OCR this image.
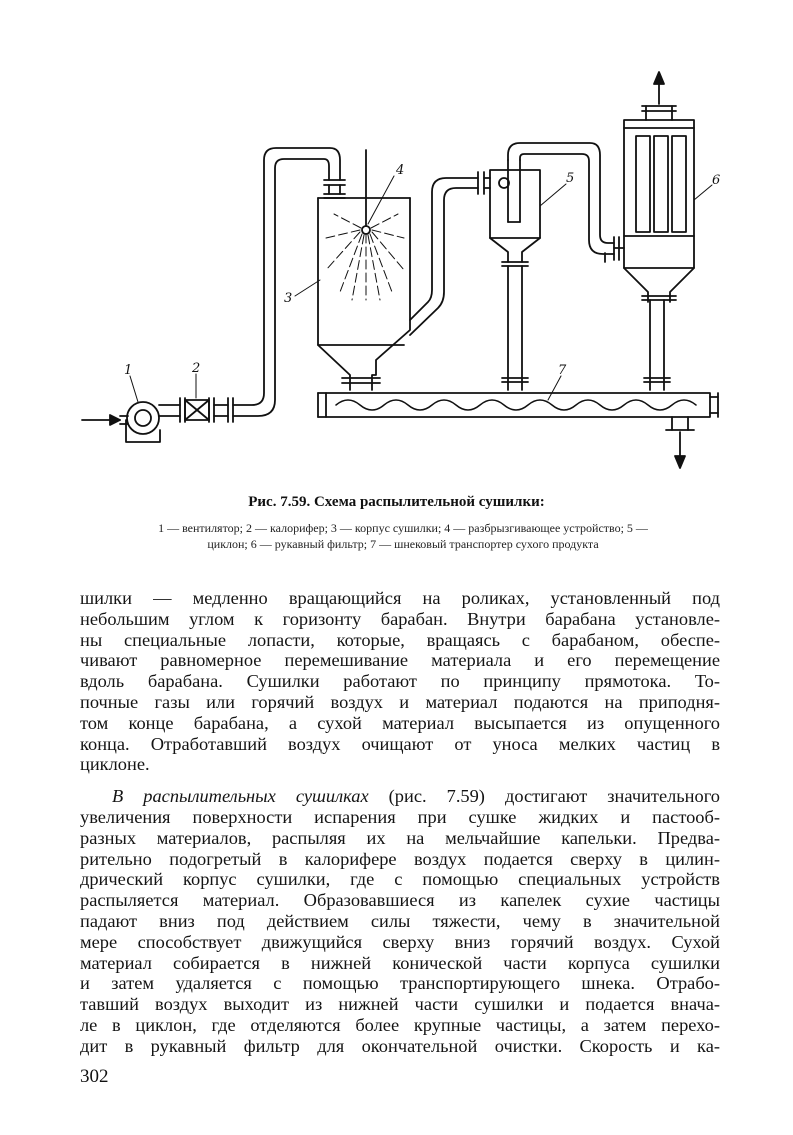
1	2
3
4
5	6
7
Рис. 7.59. Схема распылительной сушилки:
1 — вентилятор; 2 — калорифер; 3 — корпус сушилки; 4 — разбрызгивающее устройство; 5 —
циклон; 6 — рукавный фильтр; 7 — шнековый транспортер сухого продукта
шилки — медленно вращающийся на роликах, установленный под
небольшим углом к горизонту барабан. Внутри барабана установле-
ны специальные лопасти, которые, вращаясь с барабаном, обеспе-
чивают равномерное перемешивание материала и его перемещение
вдоль барабана. Сушилки работают по принципу прямотока. То-
почные газы или горячий воздух и материал подаются на приподня-
том конце барабана, а сухой материал высыпается из опущенного
конца. Отработавший воздух очищают от уноса мелких частиц в
циклоне.
В распылительных сушилках (рис. 7.59) достигают значительного
увеличения поверхности испарения при сушке жидких и пастооб-
разных материалов, распыляя их на мельчайшие капельки. Предва-
рительно подогретый в калорифере воздух подается сверху в цилин-
дрический корпус сушилки, где с помощью специальных устройств
распыляется материал. Образовавшиеся из капелек сухие частицы
падают вниз под действием силы тяжести, чему в значительной
мере способствует движущийся сверху вниз горячий воздух. Сухой
материал собирается в нижней конической части корпуса сушилки
и затем удаляется с помощью транспортирующего шнека. Отрабо-
тавший воздух выходит из нижней части сушилки и подается внача-
ле в циклон, где отделяются более крупные частицы, а затем перехо-
дит в рукавный фильтр для окончательной очистки. Скорость и ка-
302
